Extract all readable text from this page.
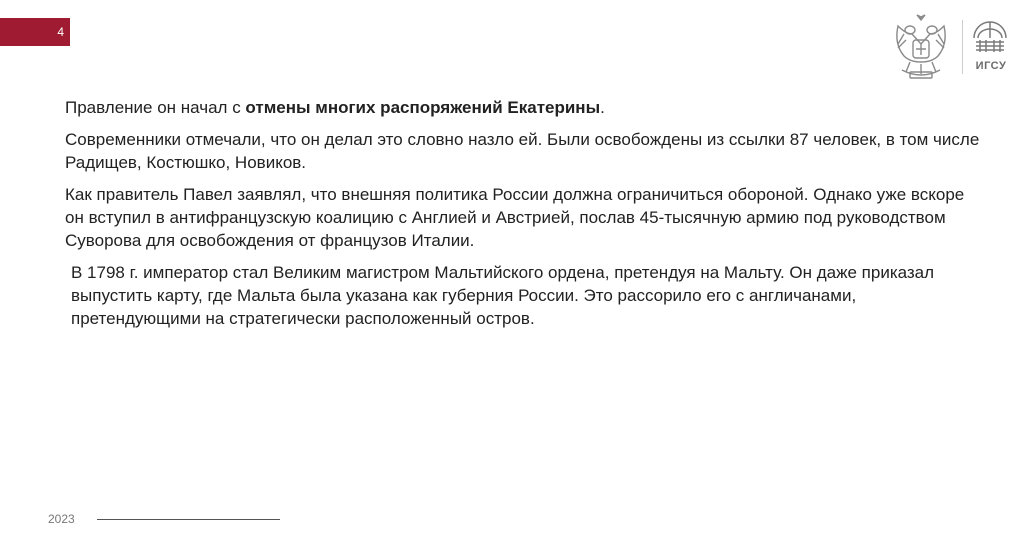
4
ИГСУ

Правление он начал с отмены многих распоряжений Екатерины.

Современники отмечали, что он делал это словно назло ей. Были освобождены из ссылки 87 человек, в том числе Радищев, Костюшко, Новиков.

Как правитель Павел заявлял, что внешняя политика России должна ограничиться обороной. Однако уже вскоре он вступил в антифранцузскую коалицию с Англией и Австрией, послав 45-тысячную армию под руководством Суворова для освобождения от французов Италии.

В 1798 г. император стал Великим магистром Мальтийского ордена, претендуя на Мальту. Он даже приказал выпустить карту, где Мальта была указана как губерния России. Это рассорило его с англичанами, претендующими на стратегически расположенный остров.

2023
